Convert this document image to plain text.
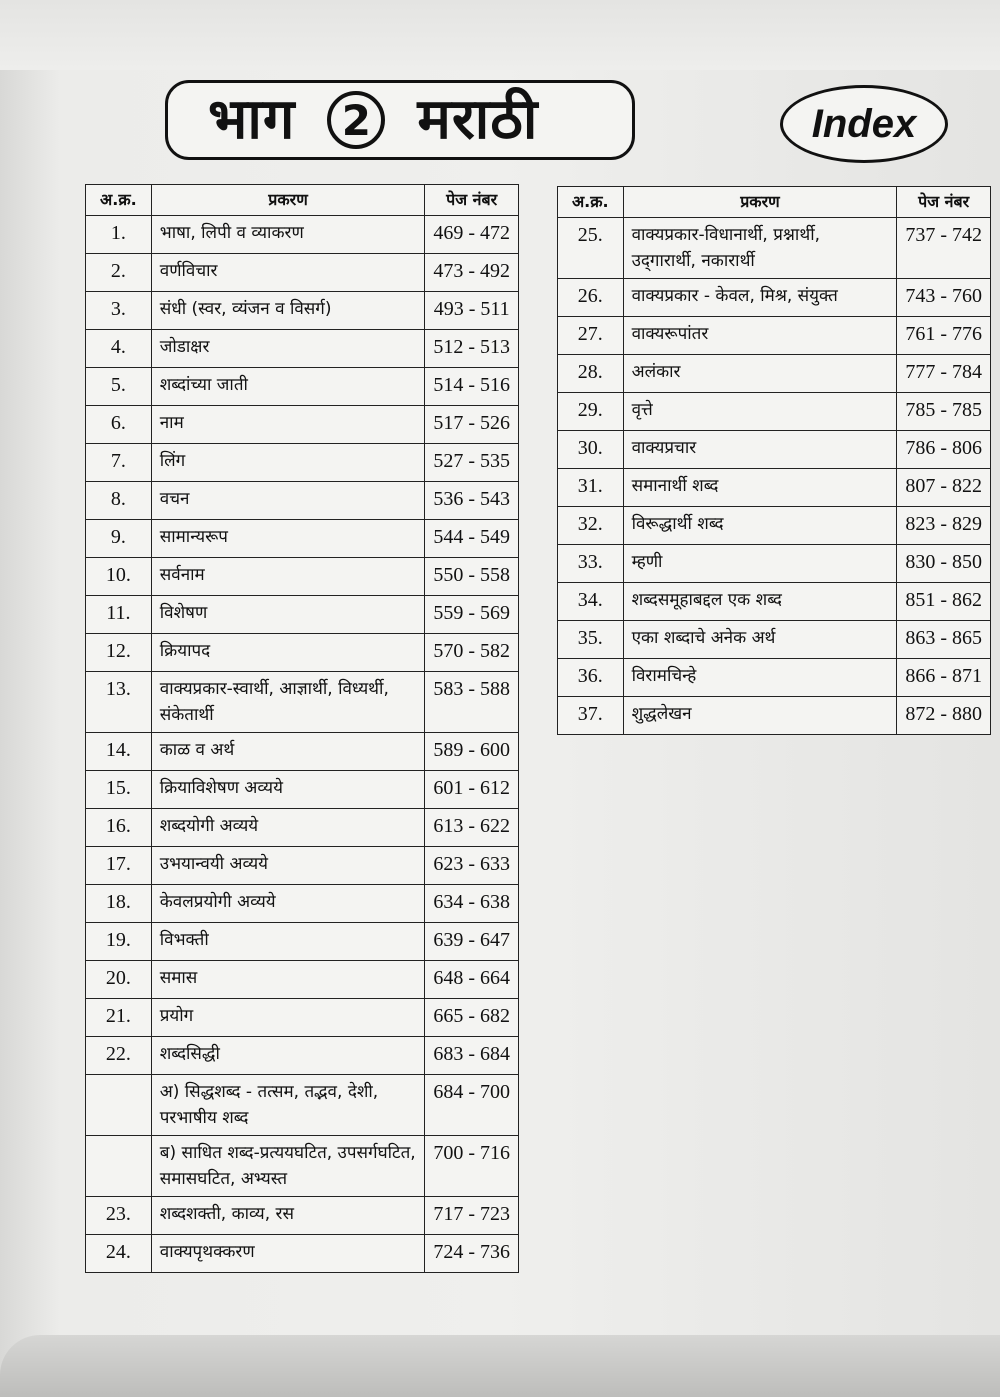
भाग	2 मराठी	Index
अ.क्र.	प्रकरण	पेज नंबर
1.	भाषा, लिपी व व्याकरण	469 - 472
2.	वर्णविचार	473 - 492
3.	संधी (स्वर, व्यंजन व विसर्ग)	493 - 511
4.	जोडाक्षर	512 - 513
5.	शब्दांच्या जाती	514 - 516
6.	नाम	517 - 526
7.	लिंग	527 - 535
8.	वचन	536 - 543
9.	सामान्यरूप	544 - 549
10.	सर्वनाम	550 - 558
11.	विशेषण	559 - 569
12.	क्रियापद	570 - 582
13.	वाक्यप्रकार-स्वार्थी, आज्ञार्थी, विध्यर्थी, संकेतार्थी	583 - 588
14.	काळ व अर्थ	589 - 600
15.	क्रियाविशेषण अव्यये	601 - 612
16.	शब्दयोगी अव्यये	613 - 622
17.	उभयान्वयी अव्यये	623 - 633
18.	केवलप्रयोगी अव्यये	634 - 638
19.	विभक्ती	639 - 647
20.	समास	648 - 664
21.	प्रयोग	665 - 682
22.	शब्दसिद्धी	683 - 684
	अ) सिद्धशब्द - तत्सम, तद्भव, देशी, परभाषीय शब्द	684 - 700
	ब) साधित शब्द-प्रत्ययघटित, उपसर्गघटित, समासघटित, अभ्यस्त	700 - 716
23.	शब्दशक्ती, काव्य, रस	717 - 723
24.	वाक्यपृथक्करण	724 - 736
अ.क्र.	प्रकरण	पेज नंबर
25.	वाक्यप्रकार-विधानार्थी, प्रश्नार्थी, उद्‌गारार्थी, नकारार्थी	737 - 742
26.	वाक्यप्रकार - केवल, मिश्र, संयुक्त	743 - 760
27.	वाक्यरूपांतर	761 - 776
28.	अलंकार	777 - 784
29.	वृत्ते	785 - 785
30.	वाक्यप्रचार	786 - 806
31.	समानार्थी शब्द	807 - 822
32.	विरूद्धार्थी शब्द	823 - 829
33.	म्हणी	830 - 850
34.	शब्दसमूहाबद्दल एक शब्द	851 - 862
35.	एका शब्दाचे अनेक अर्थ	863 - 865
36.	विरामचिन्हे	866 - 871
37.	शुद्धलेखन	872 - 880
